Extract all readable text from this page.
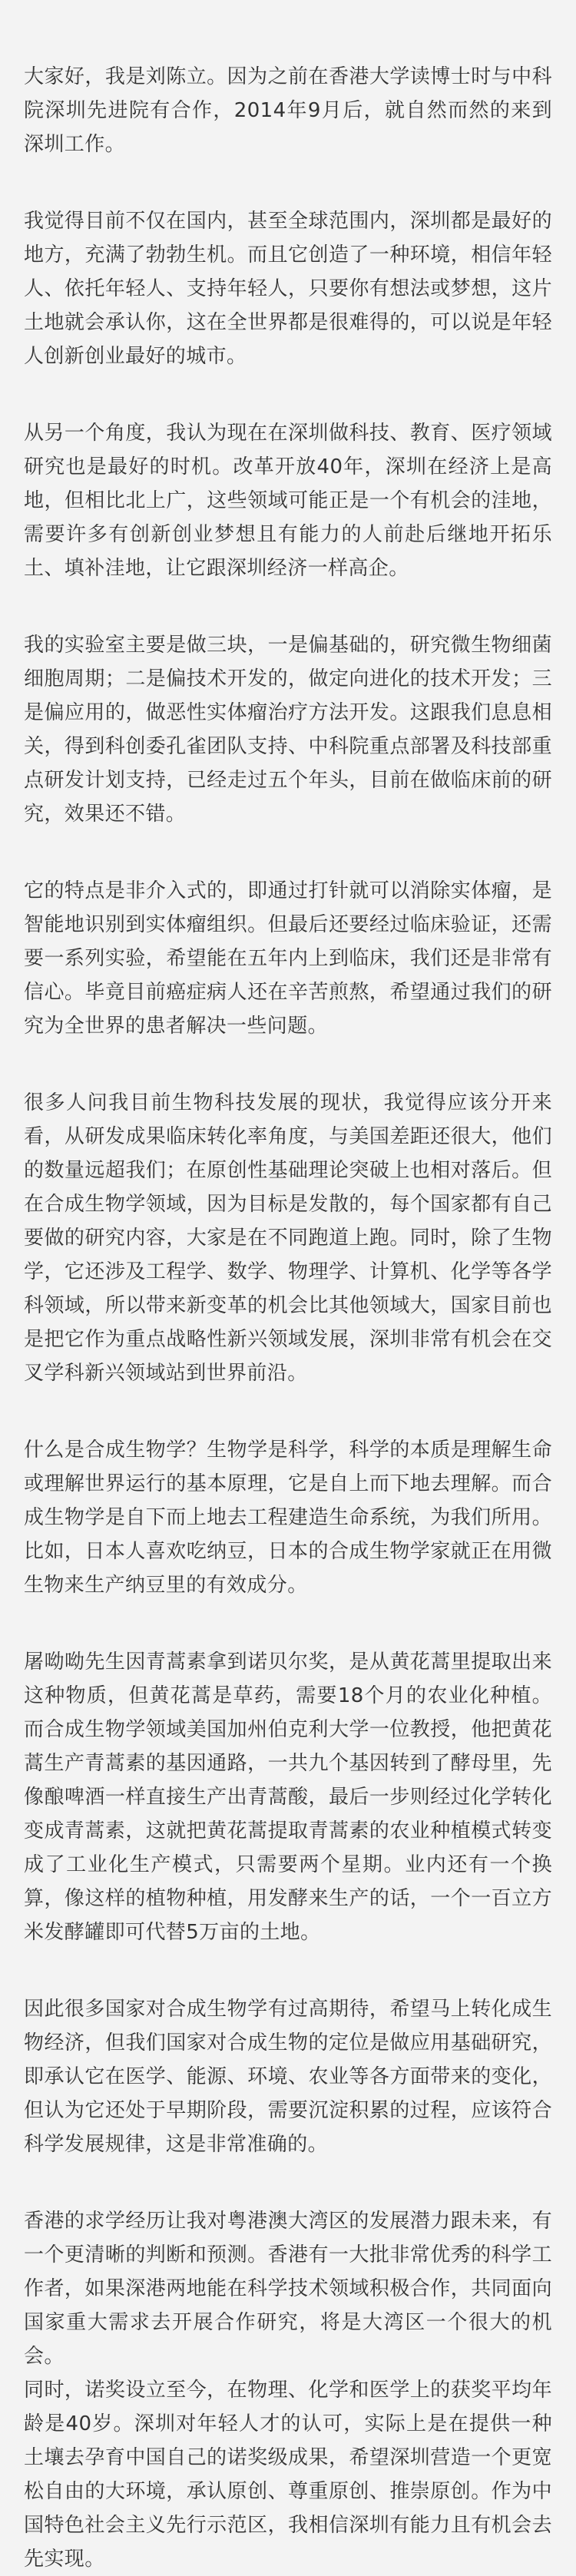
大家好，我是刘陈立。因为之前在香港大学读博士时与中科院深圳先进院有合作，2014年9月后，就自然而然的来到深圳工作。

我觉得目前不仅在国内，甚至全球范围内，深圳都是最好的地方，充满了勃勃生机。而且它创造了一种环境，相信年轻人、依托年轻人、支持年轻人，只要你有想法或梦想，这片土地就会承认你，这在全世界都是很难得的，可以说是年轻人创新创业最好的城市。

从另一个角度，我认为现在在深圳做科技、教育、医疗领域研究也是最好的时机。改革开放40年，深圳在经济上是高地，但相比北上广，这些领域可能正是一个有机会的洼地，需要许多有创新创业梦想且有能力的人前赴后继地开拓乐土、填补洼地，让它跟深圳经济一样高企。

我的实验室主要是做三块，一是偏基础的，研究微生物细菌细胞周期；二是偏技术开发的，做定向进化的技术开发；三是偏应用的，做恶性实体瘤治疗方法开发。这跟我们息息相关，得到科创委孔雀团队支持、中科院重点部署及科技部重点研发计划支持，已经走过五个年头，目前在做临床前的研究，效果还不错。

它的特点是非介入式的，即通过打针就可以消除实体瘤，是智能地识别到实体瘤组织。但最后还要经过临床验证，还需要一系列实验，希望能在五年内上到临床，我们还是非常有信心。毕竟目前癌症病人还在辛苦煎熬，希望通过我们的研究为全世界的患者解决一些问题。

很多人问我目前生物科技发展的现状，我觉得应该分开来看，从研发成果临床转化率角度，与美国差距还很大，他们的数量远超我们；在原创性基础理论突破上也相对落后。但在合成生物学领域，因为目标是发散的，每个国家都有自己要做的研究内容，大家是在不同跑道上跑。同时，除了生物学，它还涉及工程学、数学、物理学、计算机、化学等各学科领域，所以带来新变革的机会比其他领域大，国家目前也是把它作为重点战略性新兴领域发展，深圳非常有机会在交叉学科新兴领域站到世界前沿。

什么是合成生物学？生物学是科学，科学的本质是理解生命或理解世界运行的基本原理，它是自上而下地去理解。而合成生物学是自下而上地去工程建造生命系统，为我们所用。比如，日本人喜欢吃纳豆，日本的合成生物学家就正在用微生物来生产纳豆里的有效成分。

屠呦呦先生因青蒿素拿到诺贝尔奖，是从黄花蒿里提取出来这种物质，但黄花蒿是草药，需要18个月的农业化种植。而合成生物学领域美国加州伯克利大学一位教授，他把黄花蒿生产青蒿素的基因通路，一共九个基因转到了酵母里，先像酿啤酒一样直接生产出青蒿酸，最后一步则经过化学转化变成青蒿素，这就把黄花蒿提取青蒿素的农业种植模式转变成了工业化生产模式，只需要两个星期。业内还有一个换算，像这样的植物种植，用发酵来生产的话，一个一百立方米发酵罐即可代替5万亩的土地。

因此很多国家对合成生物学有过高期待，希望马上转化成生物经济，但我们国家对合成生物的定位是做应用基础研究，即承认它在医学、能源、环境、农业等各方面带来的变化，但认为它还处于早期阶段，需要沉淀积累的过程，应该符合科学发展规律，这是非常准确的。

香港的求学经历让我对粤港澳大湾区的发展潜力跟未来，有一个更清晰的判断和预测。香港有一大批非常优秀的科学工作者，如果深港两地能在科学技术领域积极合作，共同面向国家重大需求去开展合作研究，将是大湾区一个很大的机会。

同时，诺奖设立至今，在物理、化学和医学上的获奖平均年龄是40岁。深圳对年轻人才的认可，实际上是在提供一种土壤去孕育中国自己的诺奖级成果，希望深圳营造一个更宽松自由的大环境，承认原创、尊重原创、推崇原创。作为中国特色社会主义先行示范区，我相信深圳有能力且有机会去先实现。
